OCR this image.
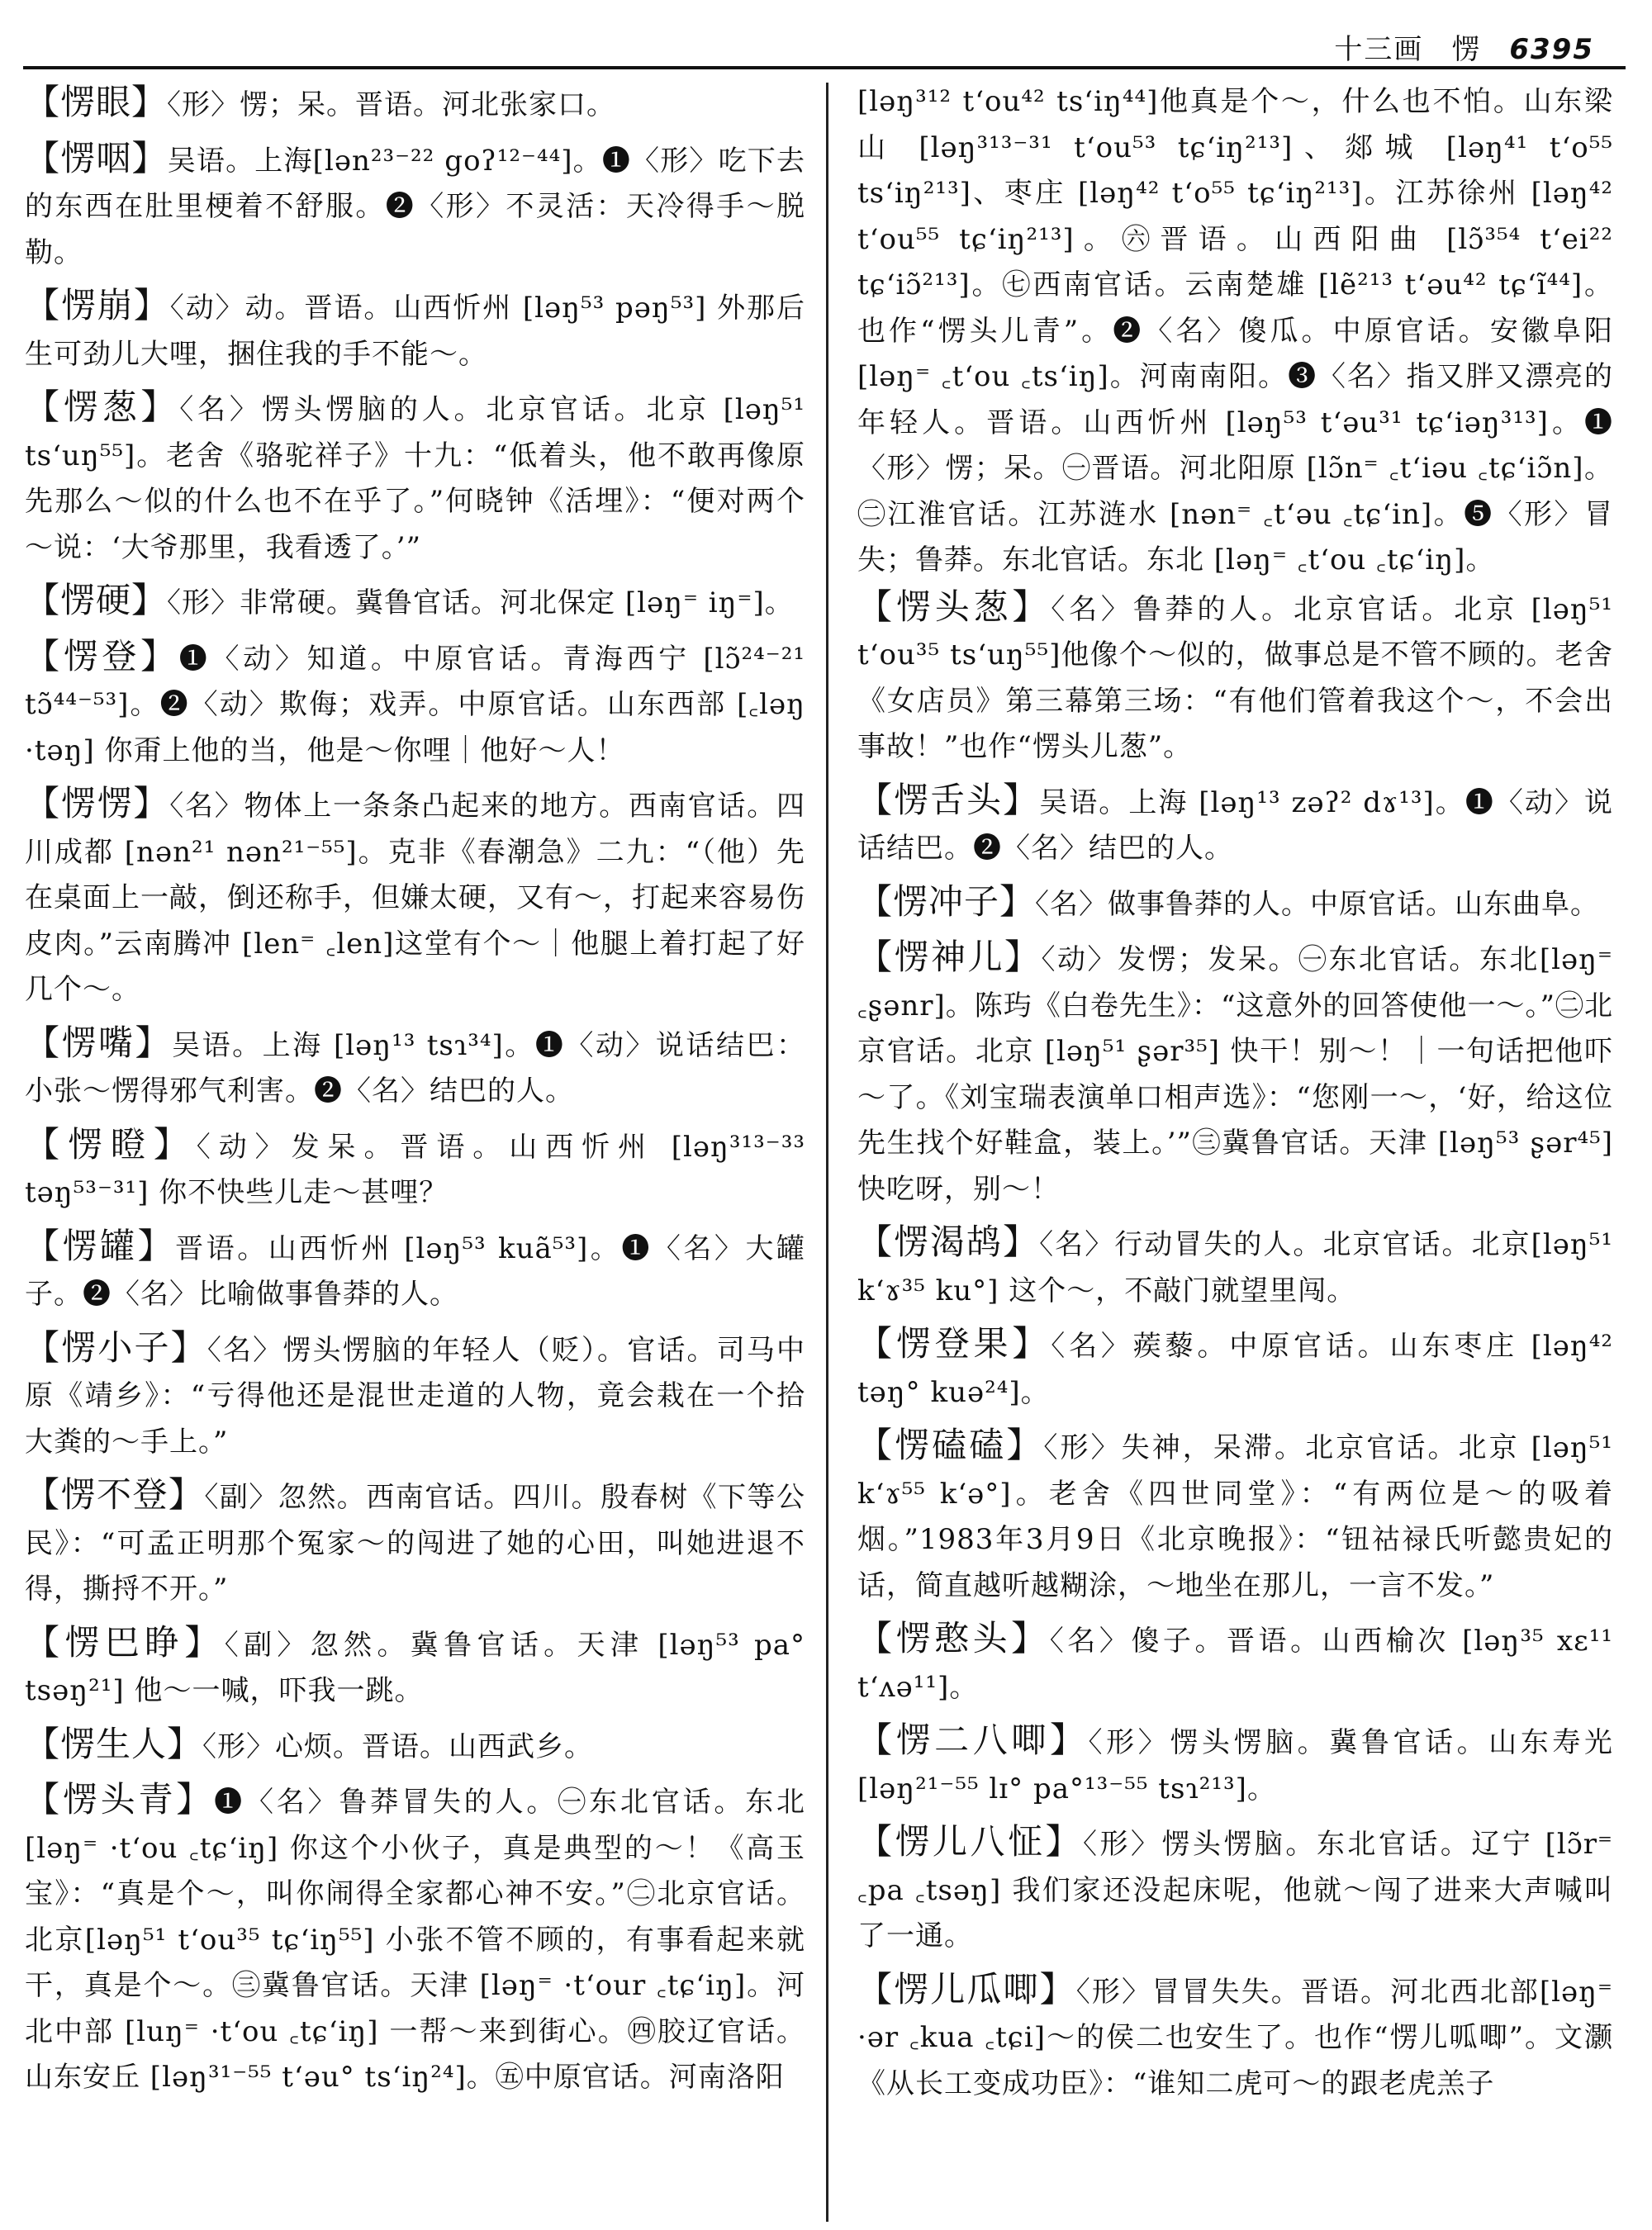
十三画 愣 6395
【愣眼】〈形〉愣；呆。晋语。河北张家口。
【愣咽】吴语。上海[lən²³⁻²² goʔ¹²⁻⁴⁴]。❶〈形〉吃下去的东西在肚里梗着不舒服。❷〈形〉不灵活：天冷得手～脱勒。
【愣崩】〈动〉动。晋语。山西忻州 [ləŋ⁵³ pəŋ⁵³] 外那后生可劲儿大哩，捆住我的手不能～。
【愣葱】〈名〉愣头愣脑的人。北京官话。北京 [ləŋ⁵¹ tsʻuŋ⁵⁵]。老舍《骆驼祥子》十九：“低着头，他不敢再像原先那么～似的什么也不在乎了。”何晓钟《活埋》：“便对两个～说：‘大爷那里，我看透了。’”
【愣硬】〈形〉非常硬。冀鲁官话。河北保定 [ləŋ⁼ iŋ⁼]。
【愣登】❶〈动〉知道。中原官话。青海西宁 [lɔ̃²⁴⁻²¹ tɔ̃⁴⁴⁻⁵³]。❷〈动〉欺侮；戏弄。中原官话。山东西部 [꜀ləŋ ·təŋ] 你甭上他的当，他是～你哩｜他好～人！
【愣愣】〈名〉物体上一条条凸起来的地方。西南官话。四川成都 [nən²¹ nən²¹⁻⁵⁵]。克非《春潮急》二九：“（他）先在桌面上一敲，倒还称手，但嫌太硬，又有～，打起来容易伤皮肉。”云南腾冲 [len⁼ ꜀len]这堂有个～｜他腿上着打起了好几个～。
【愣嘴】吴语。上海 [ləŋ¹³ tsɿ³⁴]。❶〈动〉说话结巴：小张～愣得邪气利害。❷〈名〉结巴的人。
【愣瞪】〈动〉发呆。晋语。山西忻州 [ləŋ³¹³⁻³³ təŋ⁵³⁻³¹] 你不快些儿走～甚哩？
【愣罐】晋语。山西忻州 [ləŋ⁵³ kuã⁵³]。❶〈名〉大罐子。❷〈名〉比喻做事鲁莽的人。
【愣小子】〈名〉愣头愣脑的年轻人（贬）。官话。司马中原《靖乡》：“亏得他还是混世走道的人物，竟会栽在一个拾大粪的～手上。”
【愣不登】〈副〉忽然。西南官话。四川。殷春树《下等公民》：“可孟正明那个冤家～的闯进了她的心田，叫她进退不得，撕捋不开。”
【愣巴睁】〈副〉忽然。冀鲁官话。天津 [ləŋ⁵³ pa° tsəŋ²¹] 他～一喊，吓我一跳。
【愣生人】〈形〉心烦。晋语。山西武乡。
【愣头青】❶〈名〉鲁莽冒失的人。㊀东北官话。东北 [ləŋ⁼ ·tʻou ꜀tɕʻiŋ] 你这个小伙子，真是典型的～！《高玉宝》：“真是个～，叫你闹得全家都心神不安。”㊁北京官话。北京[ləŋ⁵¹ tʻou³⁵ tɕʻiŋ⁵⁵] 小张不管不顾的，有事看起来就干，真是个～。㊂冀鲁官话。天津 [ləŋ⁼ ·tʻour ꜀tɕʻiŋ]。河北中部 [luŋ⁼ ·tʻou ꜀tɕʻiŋ] 一帮～来到街心。㊃胶辽官话。山东安丘 [ləŋ³¹⁻⁵⁵ tʻəu° tsʻiŋ²⁴]。㊄中原官话。河南洛阳
[ləŋ³¹² tʻou⁴² tsʻiŋ⁴⁴]他真是个～，什么也不怕。山东梁山 [ləŋ³¹³⁻³¹ tʻou⁵³ tɕʻiŋ²¹³]、郯城 [ləŋ⁴¹ tʻo⁵⁵ tsʻiŋ²¹³]、枣庄 [ləŋ⁴² tʻo⁵⁵ tɕʻiŋ²¹³]。江苏徐州 [ləŋ⁴² tʻou⁵⁵ tɕʻiŋ²¹³]。㊅晋语。山西阳曲 [lɔ̃³⁵⁴ tʻei²² tɕʻiɔ̃²¹³]。㊆西南官话。云南楚雄 [lẽ²¹³ tʻəu⁴² tɕʻĩ⁴⁴]。也作“愣头儿青”。❷〈名〉傻瓜。中原官话。安徽阜阳 [ləŋ⁼ ꜀tʻou ꜀tsʻiŋ]。河南南阳。❸〈名〉指又胖又漂亮的年轻人。晋语。山西忻州 [ləŋ⁵³ tʻəu³¹ tɕʻiəŋ³¹³]。❶〈形〉愣；呆。㊀晋语。河北阳原 [lɔ̃n⁼ ꜀tʻiəu ꜀tɕʻiɔ̃n]。㊁江淮官话。江苏涟水 [nən⁼ ꜀tʻəu ꜀tɕʻin]。❺〈形〉冒失；鲁莽。东北官话。东北 [ləŋ⁼ ꜀tʻou ꜀tɕʻiŋ]。
【愣头葱】〈名〉鲁莽的人。北京官话。北京 [ləŋ⁵¹ tʻou³⁵ tsʻuŋ⁵⁵]他像个～似的，做事总是不管不顾的。老舍《女店员》第三幕第三场：“有他们管着我这个～，不会出事故！”也作“愣头儿葱”。
【愣舌头】吴语。上海 [ləŋ¹³ zəʔ² dɤ¹³]。❶〈动〉说话结巴。❷〈名〉结巴的人。
【愣冲子】〈名〉做事鲁莽的人。中原官话。山东曲阜。
【愣神儿】〈动〉发愣；发呆。㊀东北官话。东北[ləŋ⁼ ꜀ʂənr]。陈玙《白卷先生》：“这意外的回答使他一～。”㊁北京官话。北京 [ləŋ⁵¹ ʂər³⁵] 快干！别～！｜一句话把他吓～了。《刘宝瑞表演单口相声选》：“您刚一～，‘好，给这位先生找个好鞋盒，装上。’”㊂冀鲁官话。天津 [ləŋ⁵³ ʂər⁴⁵] 快吃呀，别～！
【愣渴鸪】〈名〉行动冒失的人。北京官话。北京[ləŋ⁵¹ kʻɤ³⁵ ku°] 这个～，不敲门就望里闯。
【愣登果】〈名〉蒺藜。中原官话。山东枣庄 [ləŋ⁴² təŋ° kuə²⁴]。
【愣磕磕】〈形〉失神，呆滞。北京官话。北京 [ləŋ⁵¹ kʻɤ⁵⁵ kʻə°]。老舍《四世同堂》：“有两位是～的吸着烟。”1983年3月9日《北京晚报》：“钮祜禄氏听懿贵妃的话，简直越听越糊涂，～地坐在那儿，一言不发。”
【愣憨头】〈名〉傻子。晋语。山西榆次 [ləŋ³⁵ xɛ¹¹ tʻʌə¹¹]。
【愣二八唧】〈形〉愣头愣脑。冀鲁官话。山东寿光 [ləŋ²¹⁻⁵⁵ lɪ° pa°¹³⁻⁵⁵ tsɿ²¹³]。
【愣儿八怔】〈形〉愣头愣脑。东北官话。辽宁 [lɔ̃r⁼ ꜀pa ꜀tsəŋ] 我们家还没起床呢，他就～闯了进来大声喊叫了一通。
【愣儿瓜唧】〈形〉冒冒失失。晋语。河北西北部[ləŋ⁼ ·ər ꜀kua ꜀tɕi]～的侯二也安生了。也作“愣儿呱唧”。文灏《从长工变成功臣》：“谁知二虎可～的跟老虎羔子
